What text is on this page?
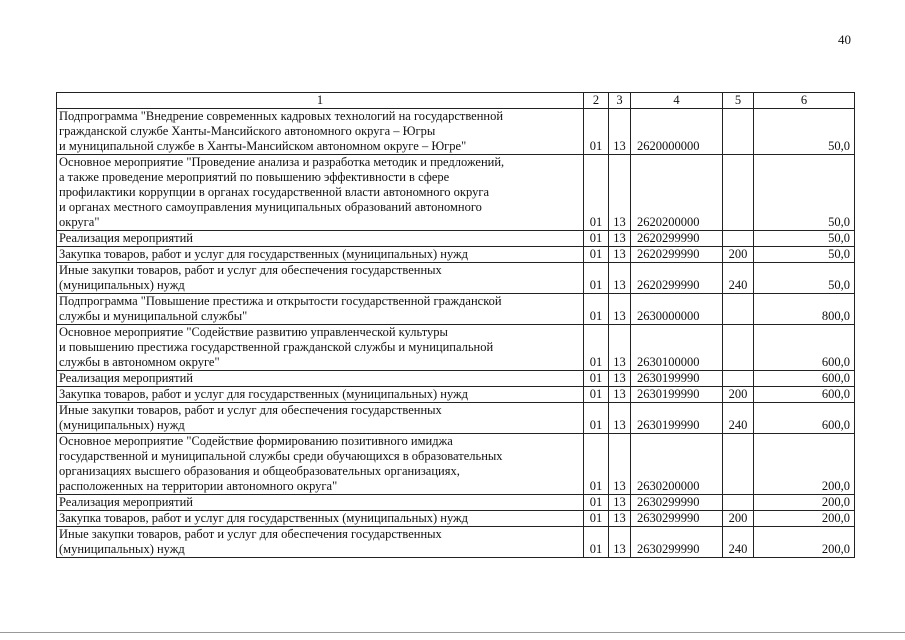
40
1	2	3	4	5	6

Подпрограмма "Внедрение современных кадровых технологий на государственной
гражданской службе Ханты-Мансийского автономного округа – Югры
и муниципальной службе в Ханты-Мансийском автономном округе – Югре"	01	13	2620000000		50,0

Основное мероприятие "Проведение анализа и разработка методик и предложений,
а также проведение мероприятий по повышению эффективности в сфере
профилактики коррупции в органах государственной власти автономного округа
и органах местного самоуправления муниципальных образований автономного
округа"	01	13	2620200000		50,0

Реализация мероприятий	01	13	2620299990		50,0

Закупка товаров, работ и услуг для государственных (муниципальных) нужд	01	13	2620299990	200	50,0

Иные закупки товаров, работ и услуг для обеспечения государственных
(муниципальных) нужд	01	13	2620299990	240	50,0

Подпрограмма "Повышение престижа и открытости государственной гражданской
службы и муниципальной службы"	01	13	2630000000		800,0

Основное мероприятие "Содействие развитию управленческой культуры
и повышению престижа государственной гражданской службы и муниципальной
службы в автономном округе"	01	13	2630100000		600,0

Реализация мероприятий	01	13	2630199990		600,0

Закупка товаров, работ и услуг для государственных (муниципальных) нужд	01	13	2630199990	200	600,0

Иные закупки товаров, работ и услуг для обеспечения государственных
(муниципальных) нужд	01	13	2630199990	240	600,0

Основное мероприятие "Содействие формированию позитивного имиджа
государственной и муниципальной службы среди обучающихся в образовательных
организациях высшего образования и общеобразовательных организациях,
расположенных на территории автономного округа"	01	13	2630200000		200,0

Реализация мероприятий	01	13	2630299990		200,0

Закупка товаров, работ и услуг для государственных (муниципальных) нужд	01	13	2630299990	200	200,0

Иные закупки товаров, работ и услуг для обеспечения государственных
(муниципальных) нужд	01	13	2630299990	240	200,0
